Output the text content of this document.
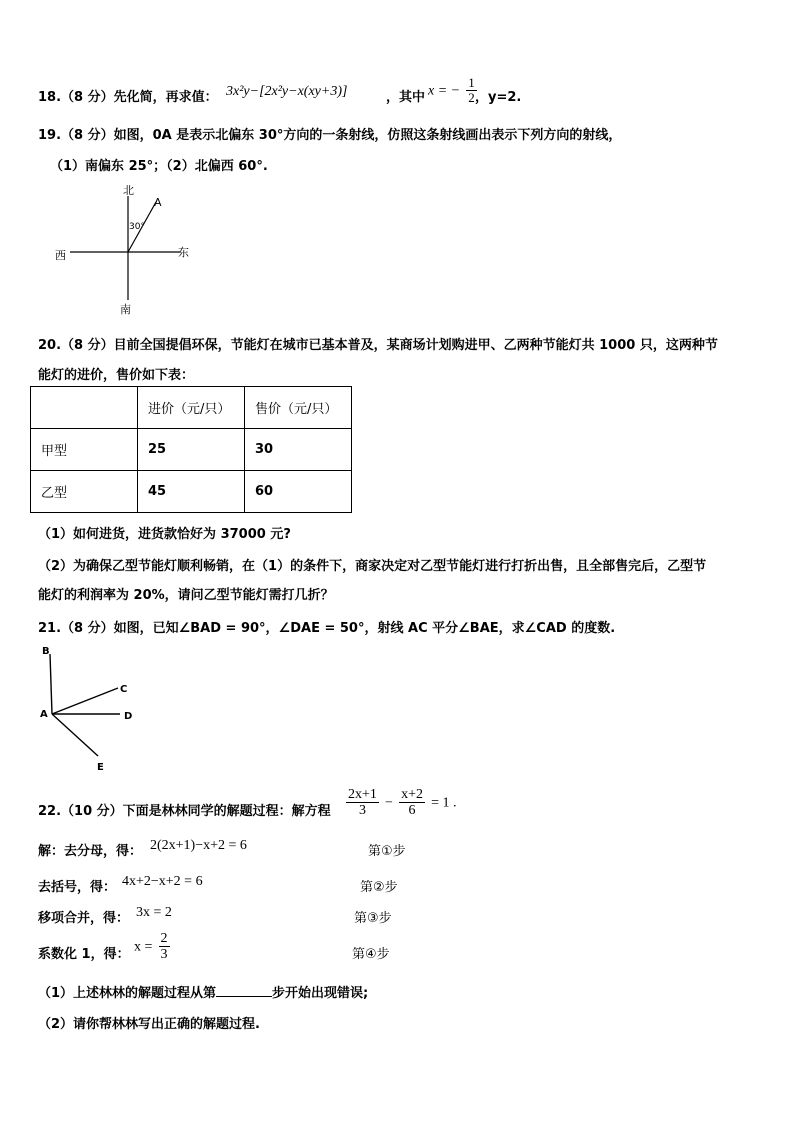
18.（8 分）先化简，再求值： 3x²y−[2x²y−x(xy+3)]	，其中 x = − $\frac{1}{2}$
，y=2.
19.（8 分）如图，0A 是表示北偏东 30°方向的一条射线，仿照这条射线画出表示下列方向的射线，
（1）南偏东 25°；（2）北偏西 60°.
北
南
东
西
A
30°
20.（8 分）目前全国提倡环保，节能灯在城市已基本普及，某商场计划购进甲、乙两种节能灯共 1000 只，这两种节
能灯的进价，售价如下表：
	进价（元/只）	售价（元/只）
甲型	25	30
乙型	45	60
（1）如何进货，进货款恰好为 37000 元?
（2）为确保乙型节能灯顺利畅销，在（1）的条件下，商家决定对乙型节能灯进行打折出售，且全部售完后，乙型节
能灯的利润率为 20%，请问乙型节能灯需打几折？
21.（8 分）如图，已知∠BAD = 90°，∠DAE = 50°，射线 AC 平分∠BAE，求∠CAD 的度数.
B
C
A	D
E
22.（10 分）下面是林林同学的解题过程：解方程 $\frac{2x+1}{3} - \frac{x+2}{6} = 1$ .
解：去分母，得： 2(2x+1)−x+2 = 6	第①步
去括号，得： 4x+2−x+2 = 6	第②步
移项合并，得： 3x = 2	第③步
系数化 1，得：
$x = \frac{2}{3}$	第④步
（1）上述林林的解题过程从第	步开始出现错误;
（2）请你帮林林写出正确的解题过程.
